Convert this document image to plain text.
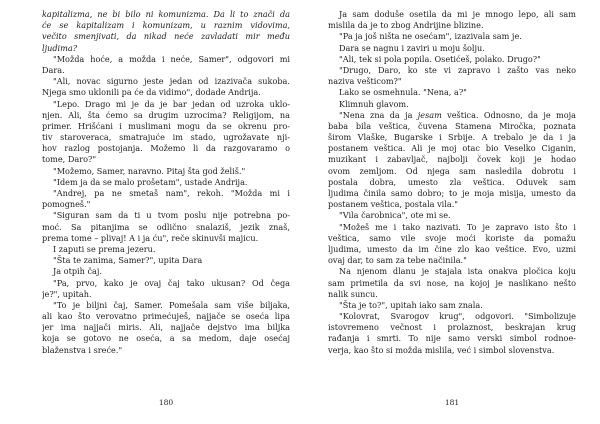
kapitalizma, ne bi bilo ni komunizma. Da li to znači da
će se kapitalizam i komunizam, u raznim vidovima,
večito smenjivati, da nikad neće zavladati mir među
ljudima?
"Možda hoće, a možda i neće, Samer", odgovori mi
Dara.
"Ali, novac sigurno jeste jedan od izazivača sukoba.
Njega smo uklonili pa će da vidimo", dodade Andrija.
"Lepo. Drago mi je da je bar jedan od uzroka uklo-
njen. Ali, šta ćemo sa drugim uzrocima? Religijom, na
primer. Hrišćani i muslimani mogu da se okrenu pro-
tiv staroveraca, smatrajuće im stado, ugrožavate njі-
hov razlog postojanja. Možemo li da razgovaramo o
tome, Daro?"
"Možemo, Samer, naravno. Pitaj šta god želiš."
"Idem ja da se malo prošetam", ustade Andrija.
"Andrej, pa ne smetaš nam", rekoh. "Možda mi i
pomogneš."
"Siguran sam da ti u tvom poslu nije potrebna po-
moć. Sa pitanjima se odlično snalaziš, jezik znaš,
prema tome – plivaj! A i ja ću", reče skinuvši majicu.
I zaputi se prema jezeru.
"Šta te zanima, Samer?", upita Dara
Ja otpih čaj.
"Pa, prvo, kako je ovaj čaj tako ukusan? Od čega
je?", upitah.
"To je biljni čaj, Samer. Pomešala sam više biljaka,
ali kao što verovatno primećuješ, najjače se oseća lipa
jer ima najjači miris. Ali, najjače dejstvo ima biljka
koja se gotovo ne oseća, a sa medom, daje osećaj
blaženstva i sreće."
180
Ja sam doduše osetila da mi je mnogo lepo, ali sam
mislila da je to zbog Andrijine blizine.
"Pa ja još ništa ne osećam", izazivala sam je.
Dara se nagnu i zaviri u moju šolju.
"Ali, tek si pola popila. Osetićeš, polako. Drugo?"
"Drugo, Daro, ko ste vi zapravo i zašto vas neko
naziva vešticom?"
Lako se osmehnula. "Nena, a?"
Klimnuh glavom.
"Nena zna da ja jesam veštica. Odnosno, da je moja
baba bila veštica, čuvena Stamena Miročka, poznata
širom Vlaške, Bugarske i Srbije. A trebalo je da i ja
postanem veštica. Ali je moj otac bio Veselko Ciganin,
muzikant i zabavljač, najbolji čovek koji je hodao
ovom zemljom. Od njega sam nasledila dobrotu i
postala dobra, umesto zla veštica. Oduvek sam
ljudima činila samo dobro; to je moja misija, umesto da
postanem veštica, postala vila."
"Vila čarobnica", ote mi se.
"Možeš me i tako nazivati. To je zapravo isto što i
veštica, samo vile svoje moći koriste da pomažu
ljudima, umesto da im čine zlo kao veštice. Evo, uzmi
ovaj dar, to sam za tebe načinila."
Na njenom dlanu je stajala ista onakva pločica koju
sam primetila da svi nose, na kojoj je naslikano nešto
nalik suncu.
"Šta je to?", upitah iako sam znala.
"Kolovrat, Svarogov krug", odgovori. "Simbolizuje
istovremeno večnost i prolaznost, beskrajan krug
rađanja i smrti. To nije samo verski simbol rodnoe-
verja, kao što si možda mislila, već i simbol slovenstva.
181
